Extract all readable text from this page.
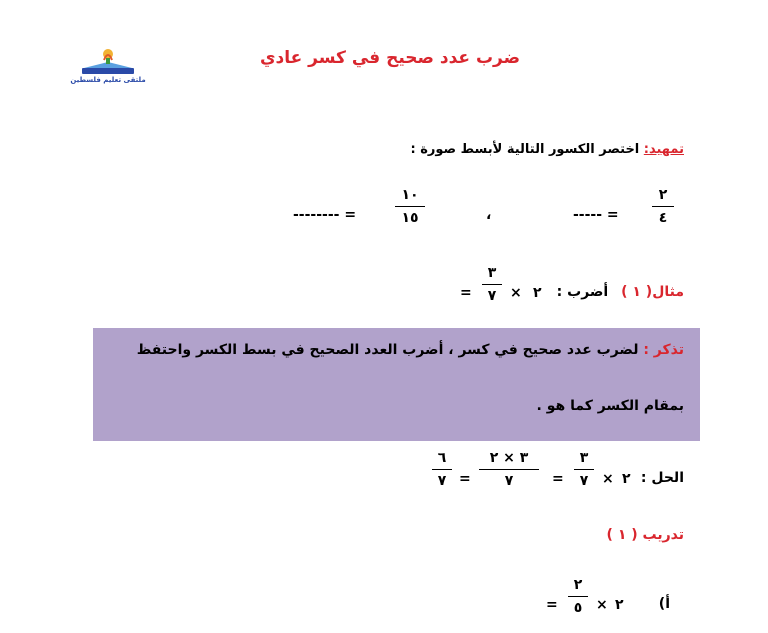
ملتقى تعليم فلسطين
ضرب عدد صحيح في كسر عادي
تمهيد: اختصر الكسور التالية لأبسط صورة :
٢
٤
----- =
،
١٠
١٥
-------- =
مثال( ١ ) أضرب :
٢
×
٣
٧
=
تذكر : لضرب عدد صحيح في كسر ، أضرب العدد الصحيح في بسط الكسر واحتفظ
بمقام الكسر كما هو .
الحل :
٢
×
٣
٧
=
٣ × ٢
٧
=
٦
٧
تدريب ( ١ )
أ)
٢
×
٢
٥
=
